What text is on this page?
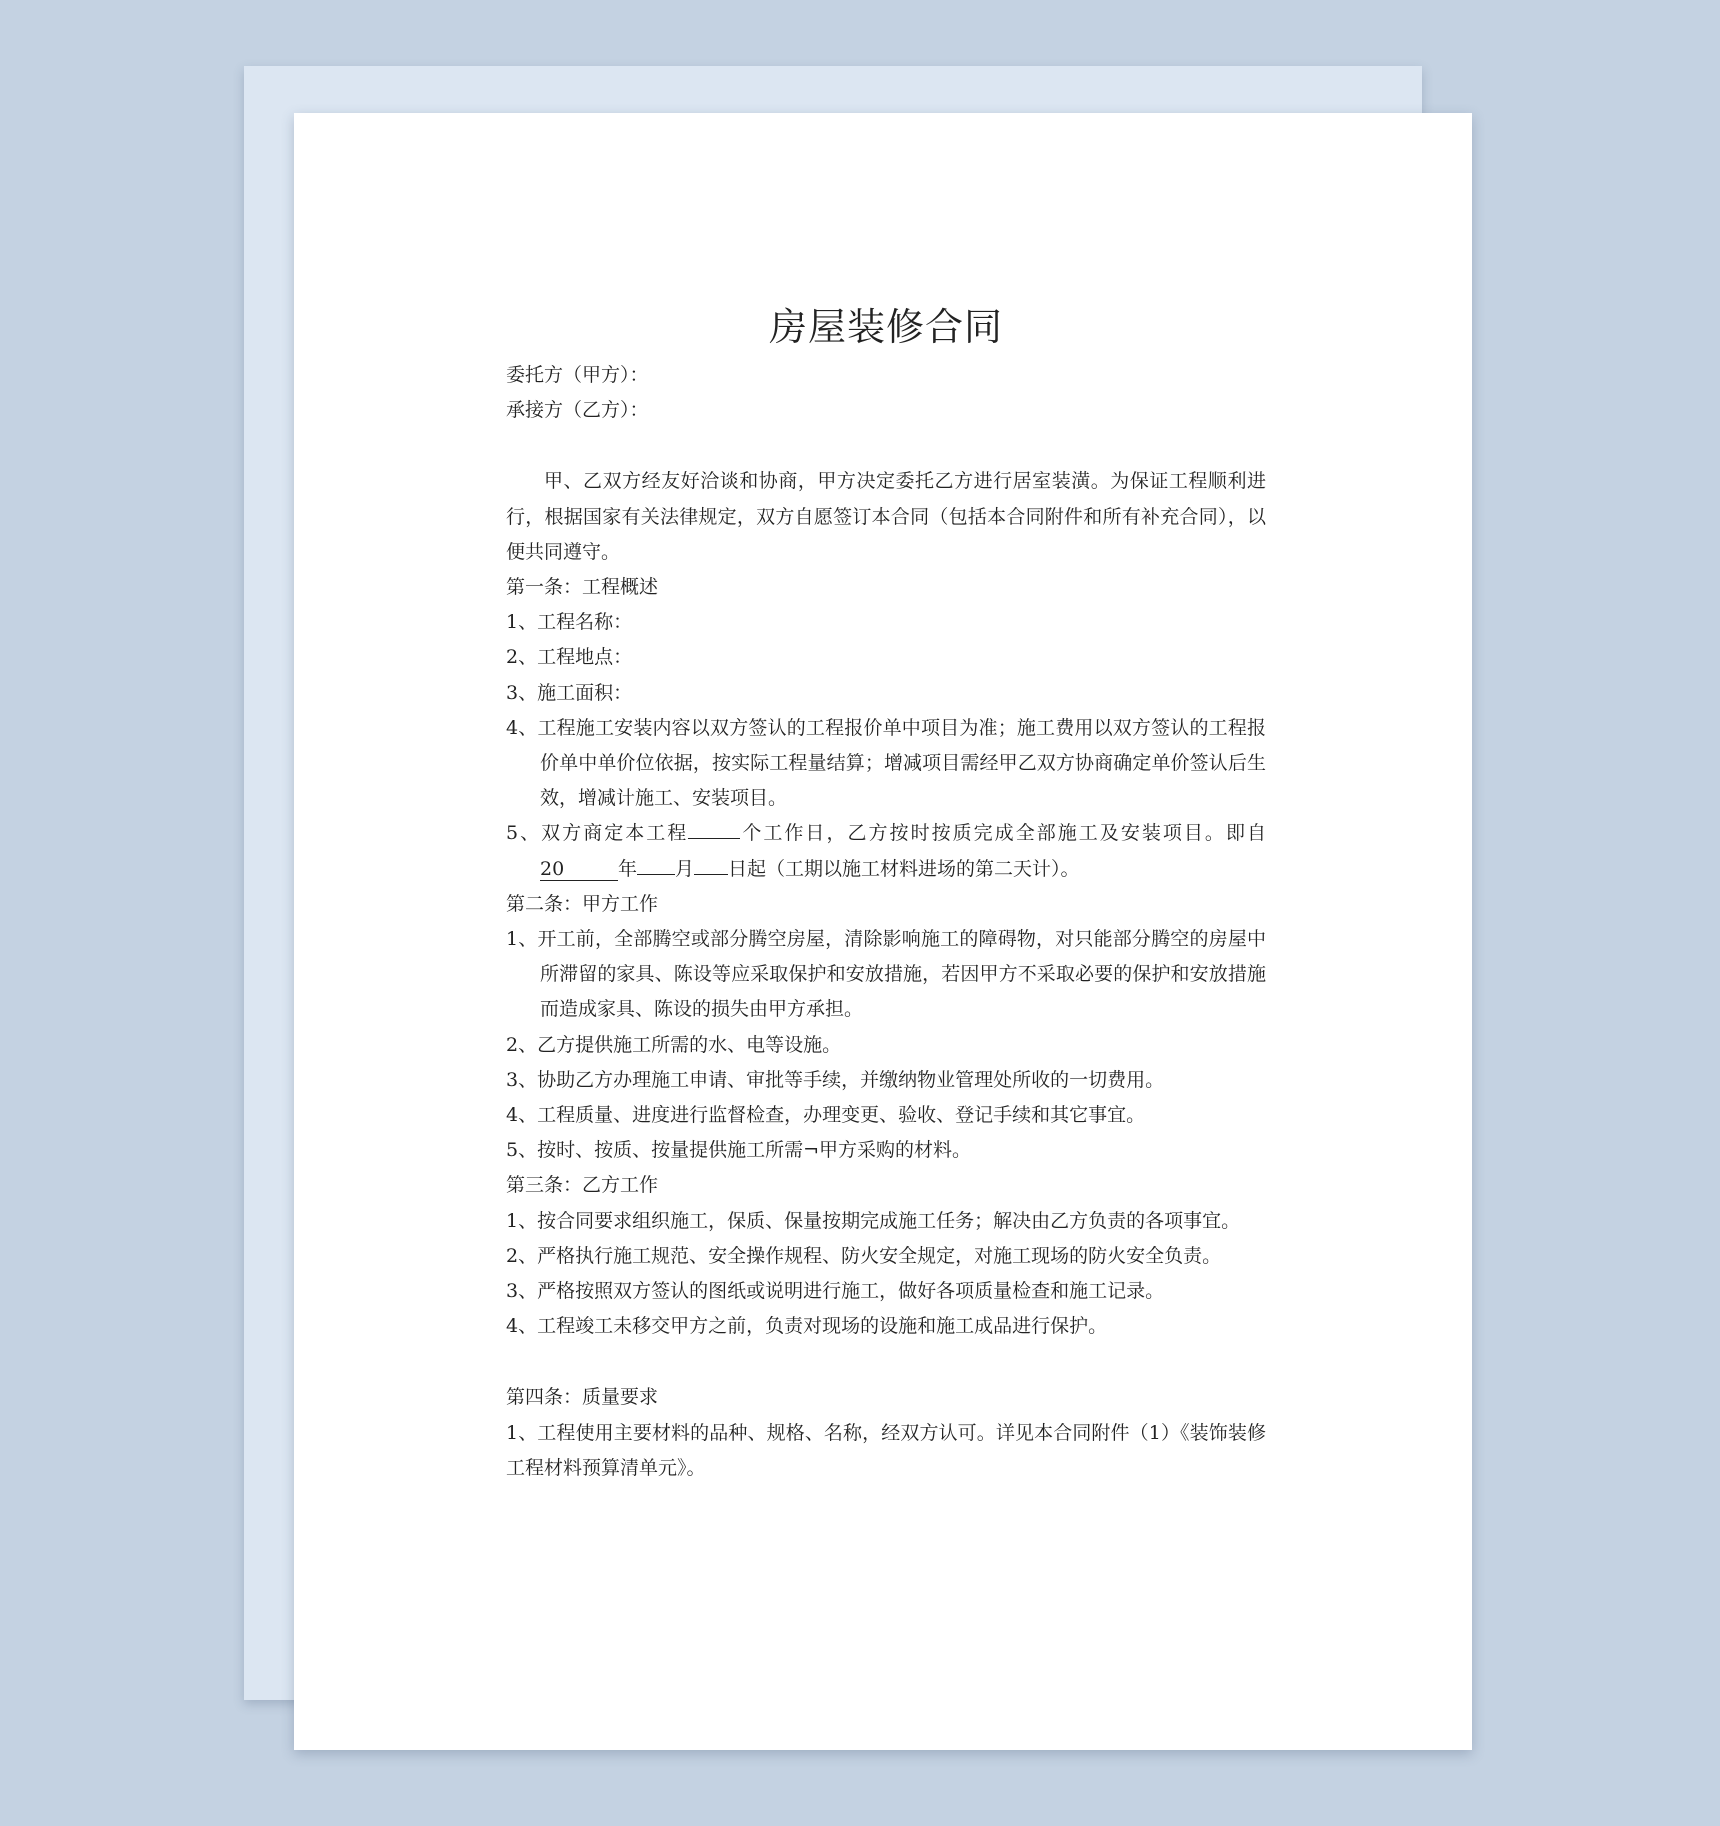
房屋装修合同

委托方（甲方）：

承接方（乙方）：

甲、乙双方经友好洽谈和协商，甲方决定委托乙方进行居室装潢。为保证工程顺利进行，根据国家有关法律规定，双方自愿签订本合同（包括本合同附件和所有补充合同），以便共同遵守。

第一条：工程概述

1、工程名称：

2、工程地点：

3、施工面积：

4、工程施工安装内容以双方签认的工程报价单中项目为准；施工费用以双方签认的工程报价单中单价位依据，按实际工程量结算；增减项目需经甲乙双方协商确定单价签认后生效，增减计施工、安装项目。

5、双方商定本工程	个工作日，乙方按时按质完成全部施工及安装项目。即自20	年 月 日起（工期以施工材料进场的第二天计）。

第二条：甲方工作

1、开工前，全部腾空或部分腾空房屋，清除影响施工的障碍物，对只能部分腾空的房屋中所滞留的家具、陈设等应采取保护和安放措施，若因甲方不采取必要的保护和安放措施而造成家具、陈设的损失由甲方承担。

2、乙方提供施工所需的水、电等设施。

3、协助乙方办理施工申请、审批等手续，并缴纳物业管理处所收的一切费用。

4、工程质量、进度进行监督检查，办理变更、验收、登记手续和其它事宜。

5、按时、按质、按量提供施工所需¬甲方采购的材料。

第三条：乙方工作

1、按合同要求组织施工，保质、保量按期完成施工任务；解决由乙方负责的各项事宜。

2、严格执行施工规范、安全操作规程、防火安全规定，对施工现场的防火安全负责。

3、严格按照双方签认的图纸或说明进行施工，做好各项质量检查和施工记录。

4、工程竣工未移交甲方之前，负责对现场的设施和施工成品进行保护。

第四条：质量要求

1、工程使用主要材料的品种、规格、名称，经双方认可。详见本合同附件（1）《装饰装修工程材料预算清单元》。
